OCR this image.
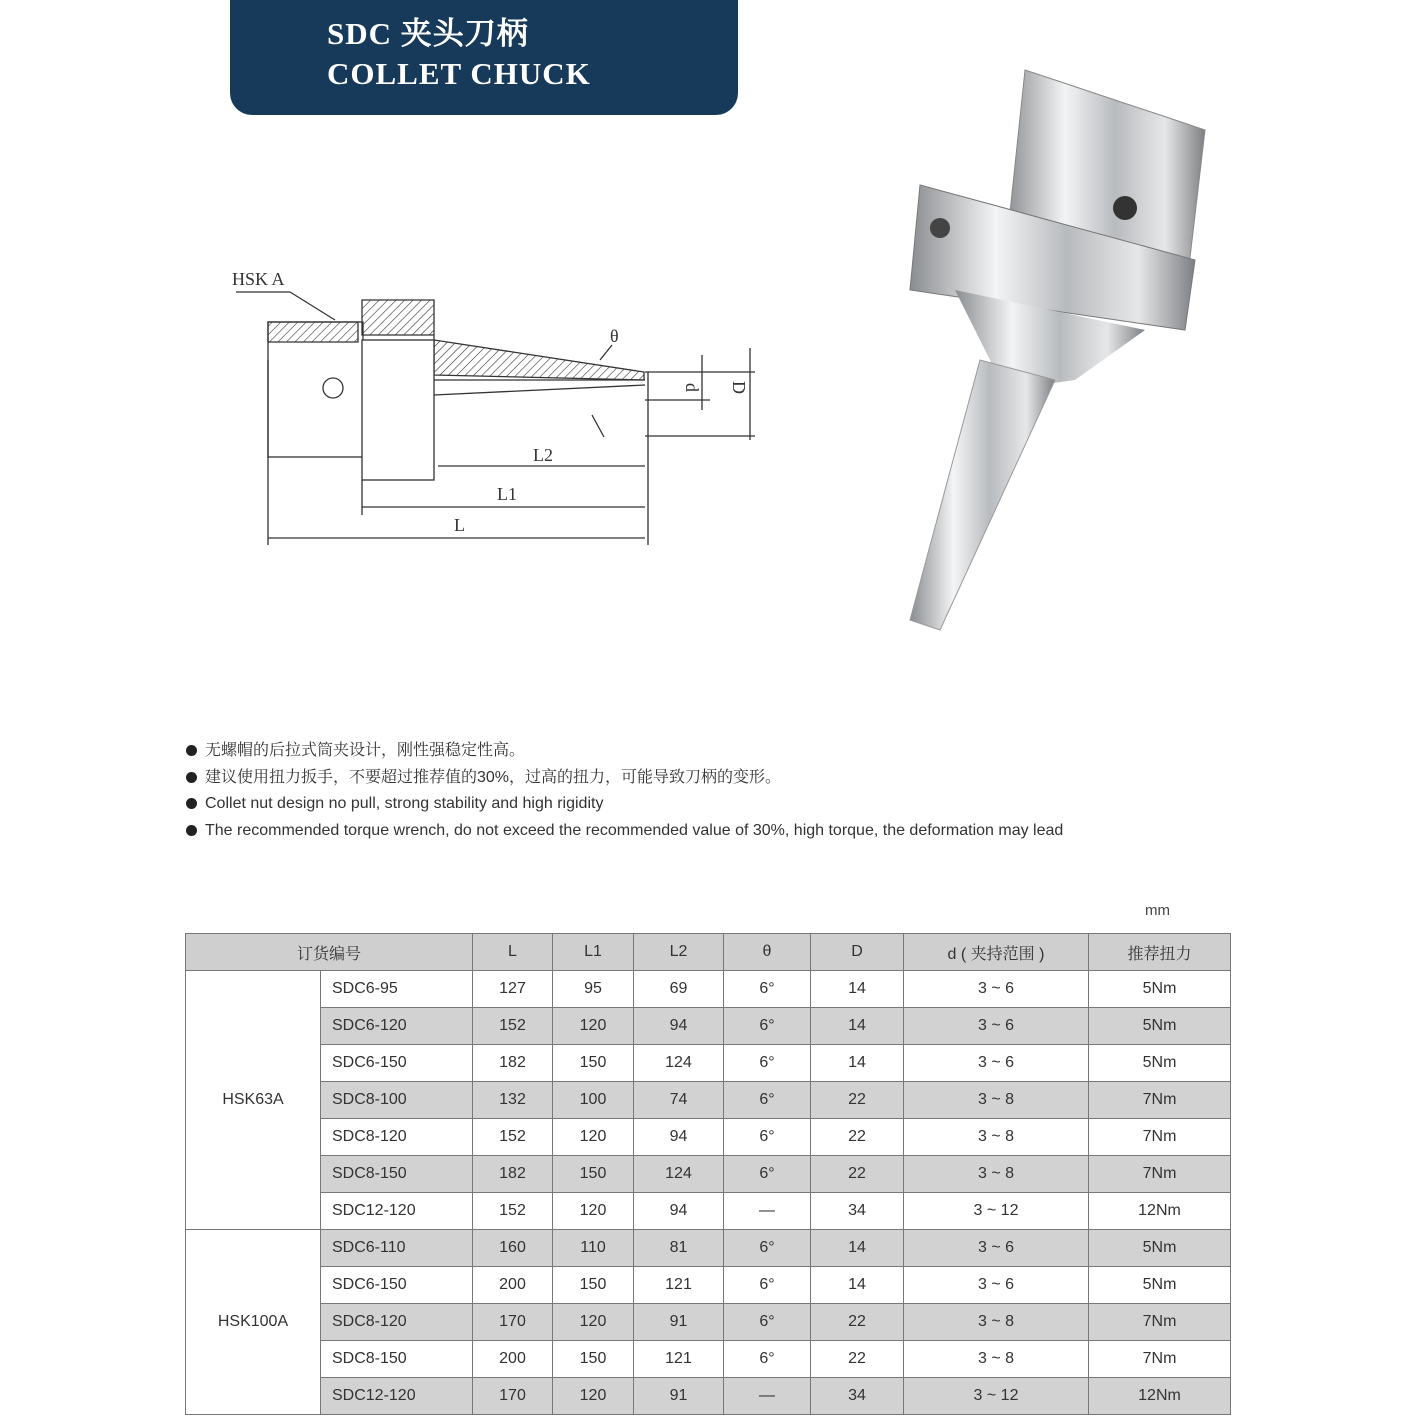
SDC 夹头刀柄
COLLET CHUCK
HSK A
θ
d D
L2
L1
L
无螺帽的后拉式筒夹设计，刚性强稳定性高。
建议使用扭力扳手，不要超过推荐值的30%，过高的扭力，可能导致刀柄的变形。
Collet nut design no pull, strong stability and high rigidity
The recommended torque wrench, do not exceed the recommended value of 30%, high torque, the deformation may lead
mm
订货编号		L	L1	L2	θ	D	d ( 夹持范围 )	推荐扭力
HSK63A	SDC6-95	127	95	69	6°	14	3 ~ 6	5Nm
	SDC6-120	152	120	94	6°	14	3 ~ 6	5Nm
	SDC6-150	182	150	124	6°	14	3 ~ 6	5Nm
	SDC8-100	132	100	74	6°	22	3 ~ 8	7Nm
	SDC8-120	152	120	94	6°	22	3 ~ 8	7Nm
	SDC8-150	182	150	124	6°	22	3 ~ 8	7Nm
	SDC12-120	152	120	94	—	34	3 ~ 12	12Nm
HSK100A	SDC6-110	160	110	81	6°	14	3 ~ 6	5Nm
	SDC6-150	200	150	121	6°	14	3 ~ 6	5Nm
	SDC8-120	170	120	91	6°	22	3 ~ 8	7Nm
	SDC8-150	200	150	121	6°	22	3 ~ 8	7Nm
	SDC12-120	170	120	91	—	34	3 ~ 12	12Nm
